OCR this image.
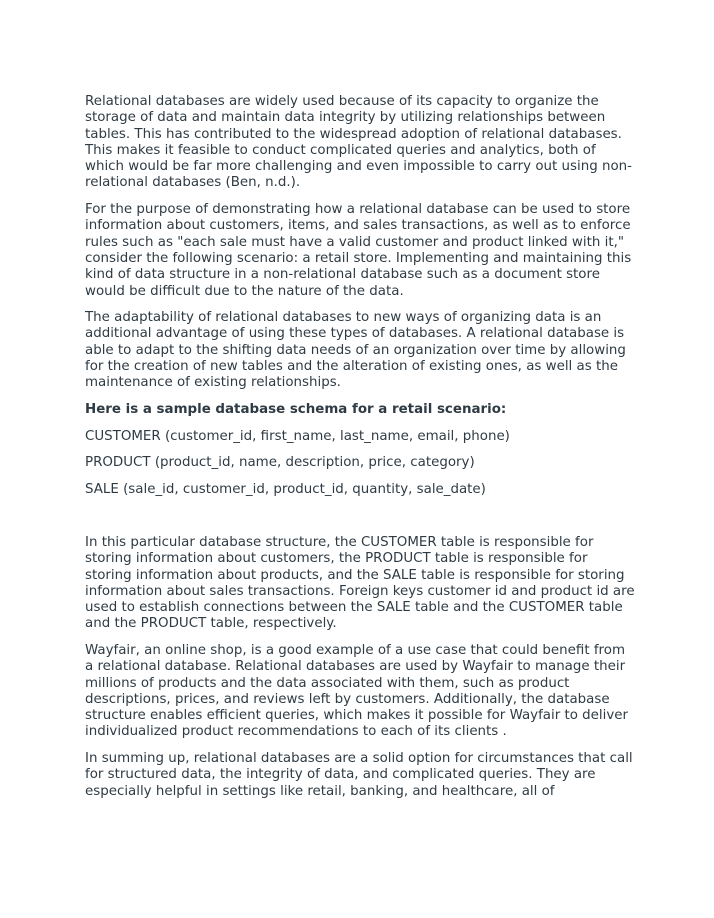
Relational databases are widely used because of its capacity to organize the storage of data and maintain data integrity by utilizing relationships between tables. This has contributed to the widespread adoption of relational databases. This makes it feasible to conduct complicated queries and analytics, both of which would be far more challenging and even impossible to carry out using non-relational databases (Ben, n.d.).

For the purpose of demonstrating how a relational database can be used to store information about customers, items, and sales transactions, as well as to enforce rules such as "each sale must have a valid customer and product linked with it," consider the following scenario: a retail store. Implementing and maintaining this kind of data structure in a non-relational database such as a document store would be difficult due to the nature of the data.

The adaptability of relational databases to new ways of organizing data is an additional advantage of using these types of databases. A relational database is able to adapt to the shifting data needs of an organization over time by allowing for the creation of new tables and the alteration of existing ones, as well as the maintenance of existing relationships.

Here is a sample database schema for a retail scenario:

CUSTOMER (customer_id, first_name, last_name, email, phone)

PRODUCT (product_id, name, description, price, category)

SALE (sale_id, customer_id, product_id, quantity, sale_date)

In this particular database structure, the CUSTOMER table is responsible for storing information about customers, the PRODUCT table is responsible for storing information about products, and the SALE table is responsible for storing information about sales transactions. Foreign keys customer id and product id are used to establish connections between the SALE table and the CUSTOMER table and the PRODUCT table, respectively.

Wayfair, an online shop, is a good example of a use case that could benefit from a relational database. Relational databases are used by Wayfair to manage their millions of products and the data associated with them, such as product descriptions, prices, and reviews left by customers. Additionally, the database structure enables efficient queries, which makes it possible for Wayfair to deliver individualized product recommendations to each of its clients .

In summing up, relational databases are a solid option for circumstances that call for structured data, the integrity of data, and complicated queries. They are especially helpful in settings like retail, banking, and healthcare, all of
